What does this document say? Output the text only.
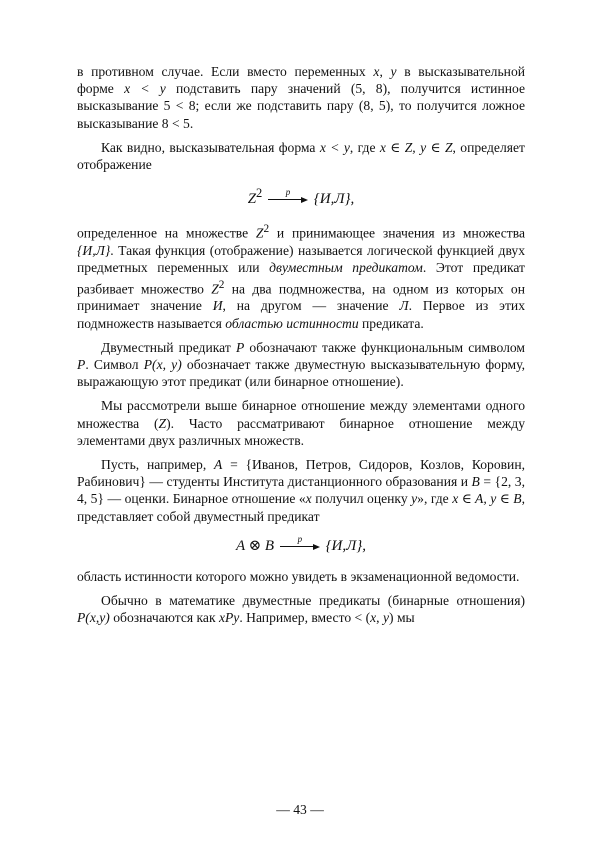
в противном случае. Если вместо переменных x, y в высказывательной форме x < y подставить пару значений (5, 8), получится истинное высказывание 5 < 8; если же подставить пару (8, 5), то получится ложное высказывание 8 < 5.

Как видно, высказывательная форма x < y, где x ∈ Z, y ∈ Z, определяет отображение

$Z^2$	p	{И,Л},

определенное на множестве $Z^2$ и принимающее значения из множества {И,Л}. Такая функция (отображение) называется логической функцией двух предметных переменных или двуместным предикатом. Этот предикат разбивает множество $Z^2$ на два подмножества, на одном из которых он принимает значение И, на другом — значение Л. Первое из этих подмножеств называется областью истинности предиката.

Двуместный предикат P обозначают также функциональным символом P. Символ P(x, y) обозначает также двуместную высказывательную форму, выражающую этот предикат (или бинарное отношение).

Мы рассмотрели выше бинарное отношение между элементами одного множества (Z). Часто рассматривают бинарное отношение между элементами двух различных множеств.

Пусть, например, A = {Иванов, Петров, Сидоров, Козлов, Коровин, Рабинович} — студенты Института дистанционного образования и B = {2, 3, 4, 5} — оценки. Бинарное отношение «x получил оценку y», где x ∈ A, y ∈ B, представляет собой двуместный предикат

A ⊗ B	p	{И,Л},

область истинности которого можно увидеть в экзаменационной ведомости.

Обычно в математике двуместные предикаты (бинарные отношения) P(x,y) обозначаются как xPy. Например, вместо < (x, y) мы

— 43 —
